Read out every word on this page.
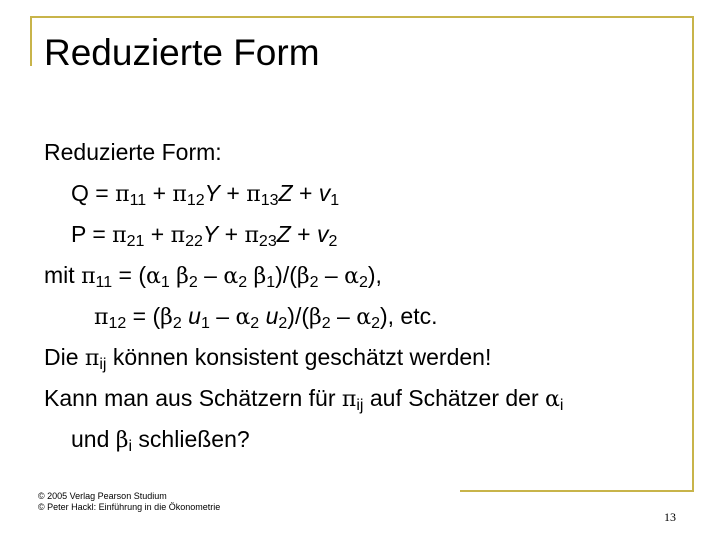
Reduzierte Form
Reduzierte Form:
$Q = \pi_{11} + \pi_{12}Y + \pi_{13}Z + v_1$
$P = \pi_{21} + \pi_{22}Y + \pi_{23}Z + v_2$
mit $\pi_{11} = (\alpha_1$ $\beta_2 - \alpha_2$ $\beta_1)/(\beta_2 - \alpha_2)$,
$\pi_{12} = (\beta_2$ $u_1 - \alpha_2$ $u_2)/(\beta_2 - \alpha_2)$, etc.
Die $\pi_{ij}$ können konsistent geschätzt werden!
Kann man aus Schätzern für $\pi_{ij}$ auf Schätzer der $\alpha_i$
und $\beta_i$ schließen?
© 2005 Verlag Pearson Studium
© Peter Hackl: Einführung in die Ökonometrie
13
